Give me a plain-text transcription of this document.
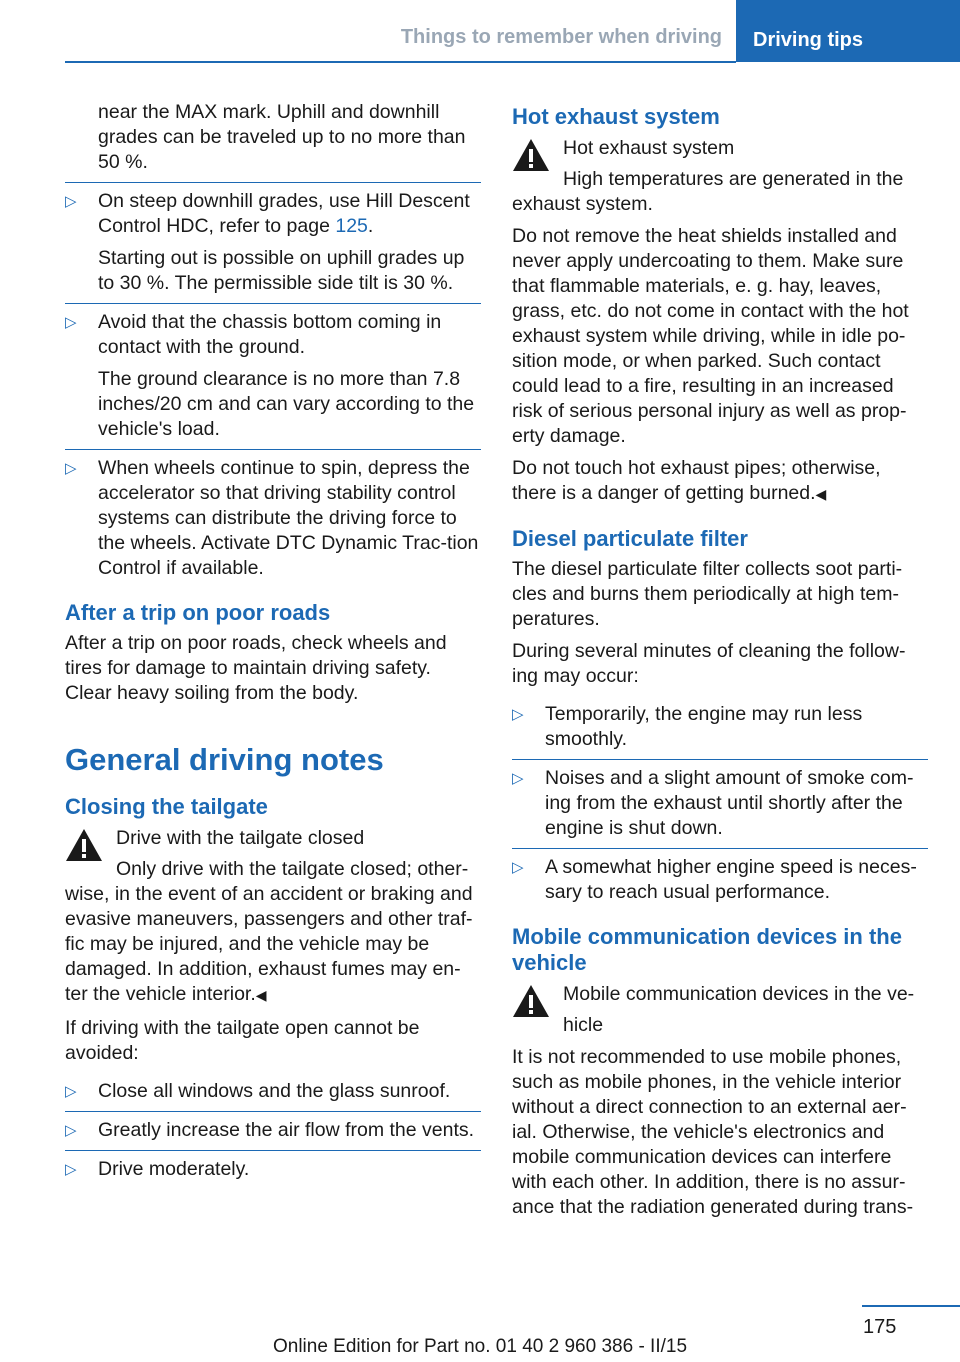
Things to remember when driving	Driving tips

near the MAX mark. Uphill and downhill grades can be traveled up to no more than 50 %.

▷ On steep downhill grades, use Hill Descent Control HDC, refer to page 125.

Starting out is possible on uphill grades up to 30 %. The permissible side tilt is 30 %.

▷ Avoid that the chassis bottom coming in contact with the ground.

The ground clearance is no more than 7.8 inches/20 cm and can vary according to the vehicle's load.

▷ When wheels continue to spin, depress the accelerator so that driving stability control systems can distribute the driving force to the wheels. Activate DTC Dynamic Trac-tion Control if available.

After a trip on poor roads

After a trip on poor roads, check wheels and tires for damage to maintain driving safety. Clear heavy soiling from the body.

General driving notes
Closing the tailgate

Drive with the tailgate closed

Only drive with the tailgate closed; other-

wise, in the event of an accident or braking and evasive maneuvers, passengers and other traf-fic may be injured, and the vehicle may be damaged. In addition, exhaust fumes may en-ter the vehicle interior.◀

If driving with the tailgate open cannot be avoided:

▷ Close all windows and the glass sunroof.

▷ Greatly increase the air flow from the vents.

▷ Drive moderately.

Hot exhaust system

Hot exhaust system

High temperatures are generated in the

exhaust system.

Do not remove the heat shields installed and never apply undercoating to them. Make sure that flammable materials, e. g. hay, leaves, grass, etc. do not come in contact with the hot exhaust system while driving, while in idle po-sition mode, or when parked. Such contact could lead to a fire, resulting in an increased risk of serious personal injury as well as prop-erty damage.

Do not touch hot exhaust pipes; otherwise, there is a danger of getting burned.◀

Diesel particulate filter

The diesel particulate filter collects soot parti-cles and burns them periodically at high tem-peratures.

During several minutes of cleaning the follow-ing may occur:

▷ Temporarily, the engine may run less smoothly.

▷ Noises and a slight amount of smoke com-ing from the exhaust until shortly after the engine is shut down.

▷ A somewhat higher engine speed is neces-sary to reach usual performance.

Mobile communication devices in the vehicle

Mobile communication devices in the ve-

hicle

It is not recommended to use mobile phones, such as mobile phones, in the vehicle interior without a direct connection to an external aer-ial. Otherwise, the vehicle's electronics and mobile communication devices can interfere with each other. In addition, there is no assur-ance that the radiation generated during trans-

175
Online Edition for Part no. 01 40 2 960 386 - II/15
